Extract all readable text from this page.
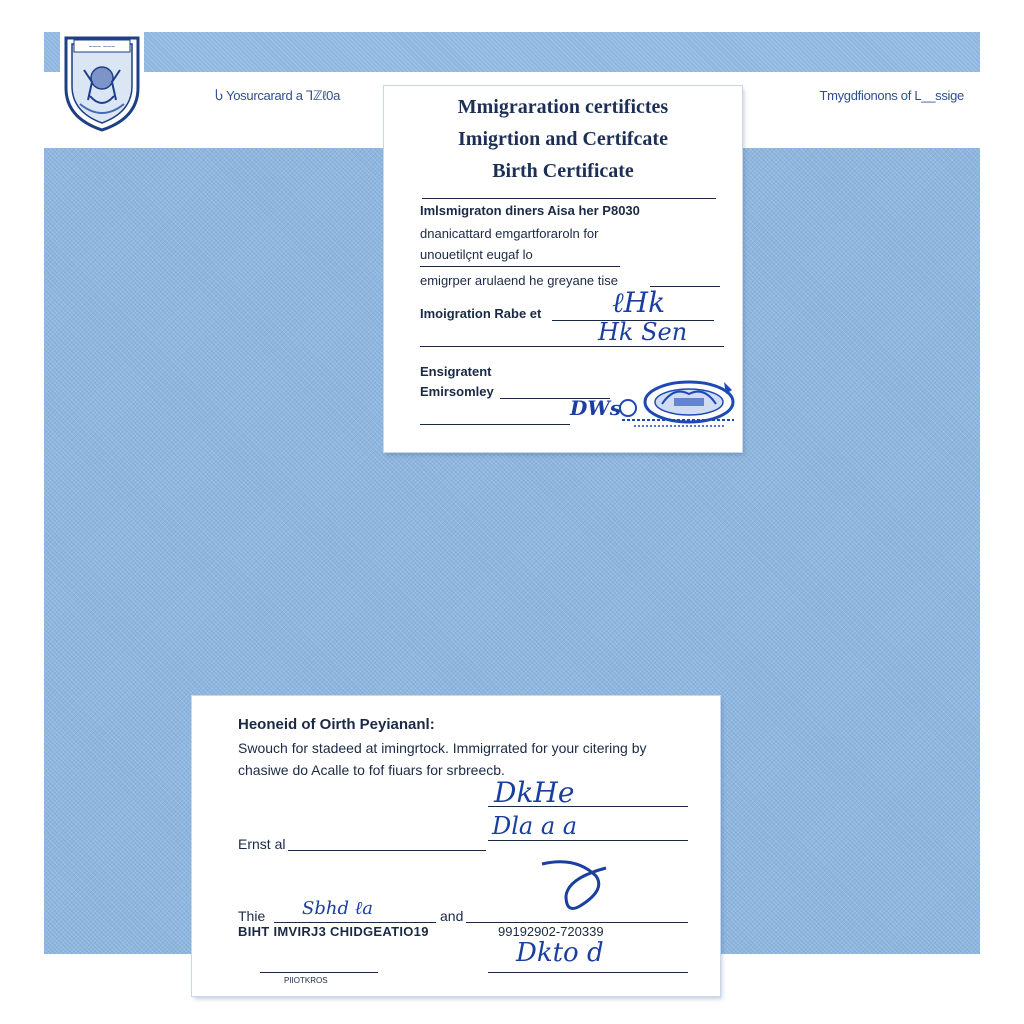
~~~ ~~~
Ⴑ Yosurcarard a ⅂ℤℓ0a	Tmygdfionons of L__ssige
Mmigraration certifictes
Imigrtion and Certifcate
Birth Certificate
Imlsmigraton diners Aisa her P8030
dnanicattard emgartforaroln for
unouetilçnt eugaf lo
emigrper arulaend he greyane tise
Imoigration Rabe et	ℓHk
Hk Sen
Ensigratent
Emirsomley
DWs
Heoneid of Oirth Peyiananl:
Swouch for stadeed at imingrtock. Immigrrated for your citering by
chasiwe do Acalle to fof fiuars for srbreecb.
DkHe
Dla a a
Ernst al
Thie Sbhd ℓa	and
BIHT IMVIRJ3 CHIDGEATIO19	99192902-720339
Dkto d
PIIOTKROS
